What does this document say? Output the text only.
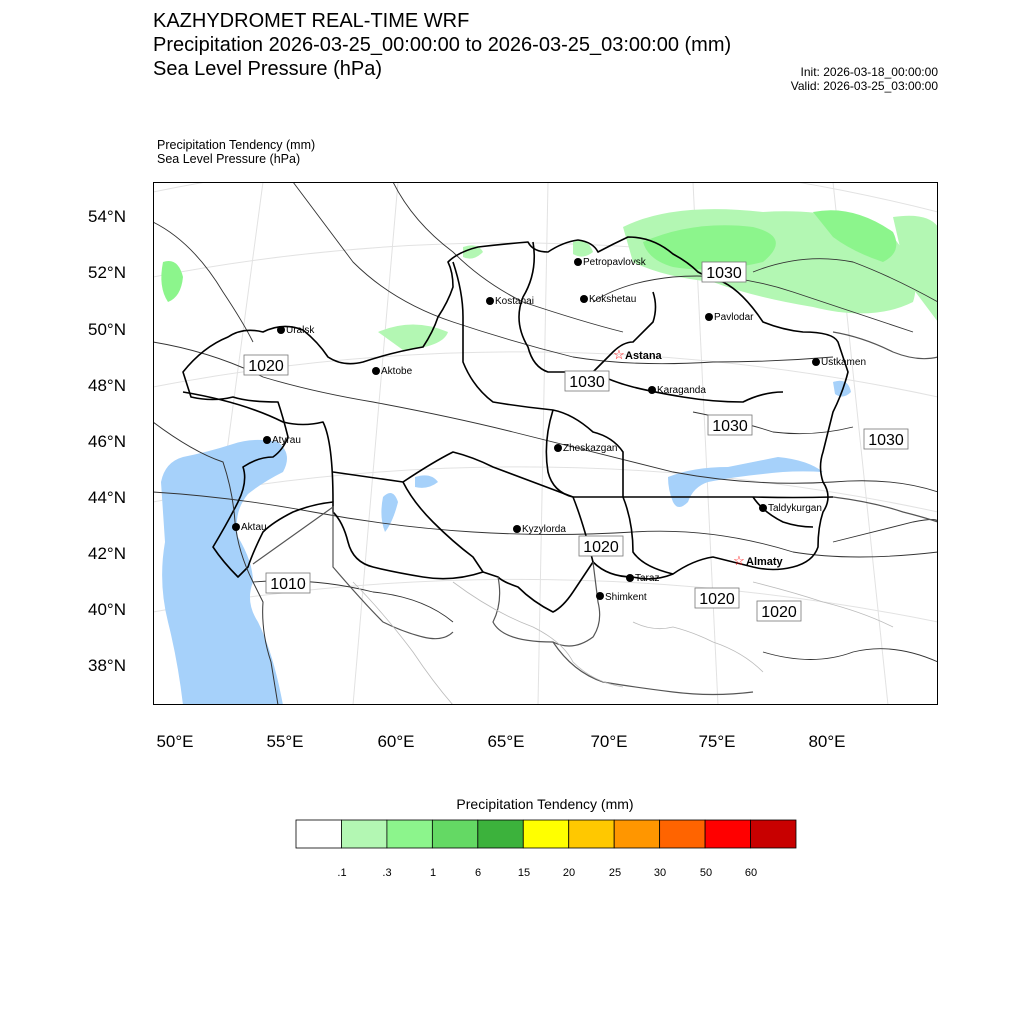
KAZHYDROMET REAL-TIME WRF
Precipitation 2026-03-25_00:00:00 to 2026-03-25_03:00:00 (mm)
Sea Level Pressure (hPa)	Init: 2026-03-18_00:00:00
Valid: 2026-03-25_03:00:00
Precipitation Tendency (mm)
Sea Level Pressure (hPa)
54°N
52°N
50°N
48°N
46°N
44°N
42°N
40°N
38°N
50°E	55°E	60°E	65°E	70°E	75°E	80°E
1030
1020
1030
1030
1030
1020
1010
1020
1020
Petropavlovsk
Kostanai	Kokshetau
Uralsk
Pavlodar
☆ Astana
Aktobe
Ustkamen
Karaganda
Atyrau
Zheskazgan
Aktau
Taldykurgan
Kyzylorda
☆ Almaty
Taraz
Shimkent
Precipitation Tendency (mm)
.1	.3	1	6	15	20	25	30	50	60
